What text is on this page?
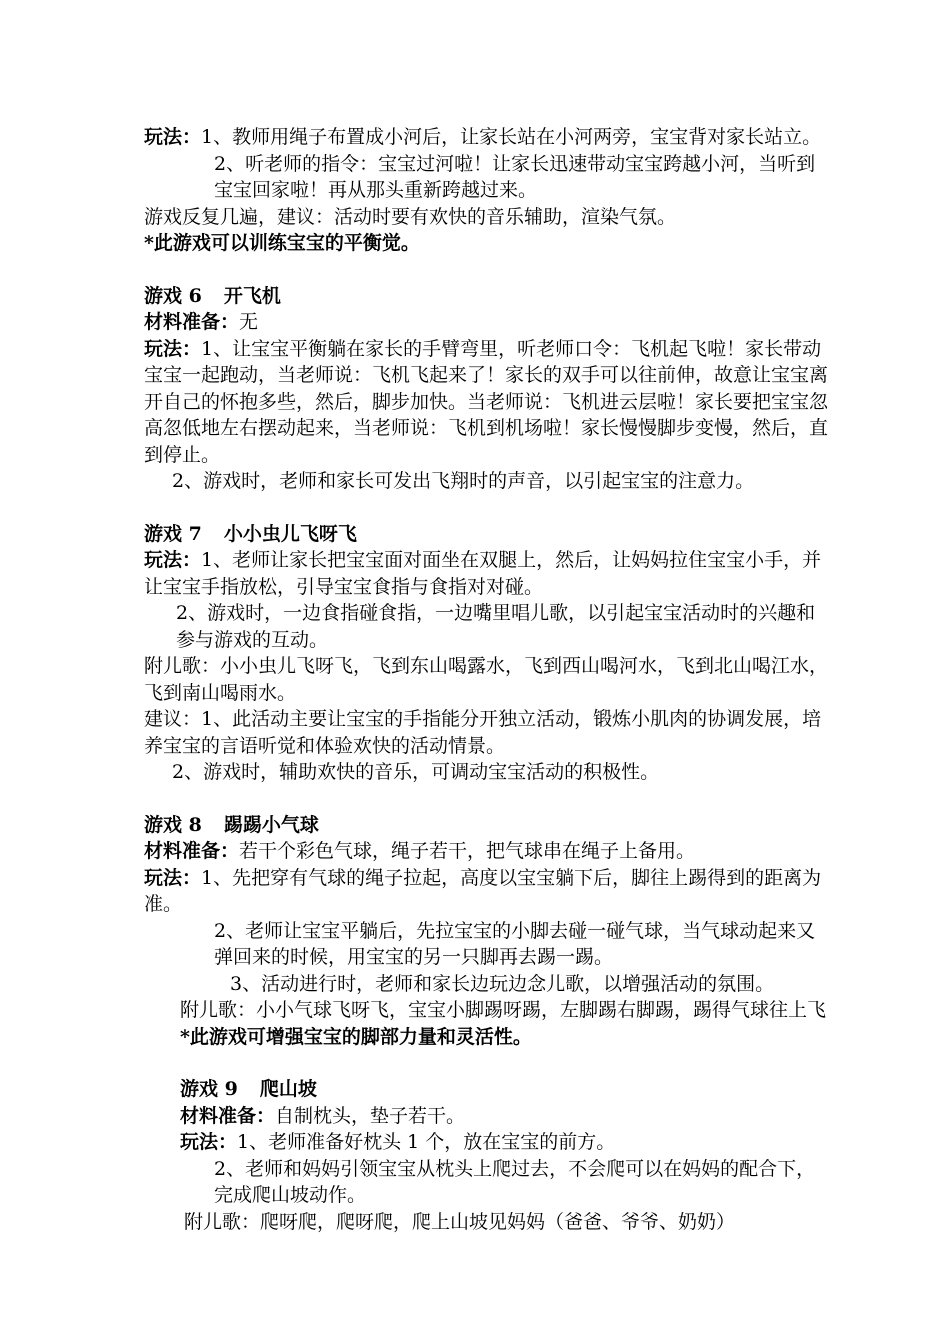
玩法：1、教师用绳子布置成小河后，让家长站在小河两旁，宝宝背对家长站立。

2、听老师的指令：宝宝过河啦！让家长迅速带动宝宝跨越小河，当听到宝宝回家啦！再从那头重新跨越过来。

游戏反复几遍，建议：活动时要有欢快的音乐辅助，渲染气氛。

*此游戏可以训练宝宝的平衡觉。

游戏 6 开飞机

材料准备：无

玩法：1、让宝宝平衡躺在家长的手臂弯里，听老师口令：飞机起飞啦！家长带动宝宝一起跑动，当老师说：飞机飞起来了！家长的双手可以往前伸，故意让宝宝离开自己的怀抱多些，然后，脚步加快。当老师说：飞机进云层啦！家长要把宝宝忽高忽低地左右摆动起来，当老师说：飞机到机场啦！家长慢慢脚步变慢，然后，直到停止。

2、游戏时，老师和家长可发出飞翔时的声音，以引起宝宝的注意力。

游戏 7 小小虫儿飞呀飞

玩法：1、老师让家长把宝宝面对面坐在双腿上，然后，让妈妈拉住宝宝小手，并让宝宝手指放松，引导宝宝食指与食指对对碰。

2、游戏时，一边食指碰食指，一边嘴里唱儿歌，以引起宝宝活动时的兴趣和参与游戏的互动。

附儿歌：小小虫儿飞呀飞，飞到东山喝露水，飞到西山喝河水，飞到北山喝江水，飞到南山喝雨水。

建议：1、此活动主要让宝宝的手指能分开独立活动，锻炼小肌肉的协调发展，培养宝宝的言语听觉和体验欢快的活动情景。

2、游戏时，辅助欢快的音乐，可调动宝宝活动的积极性。

游戏 8 踢踢小气球

材料准备：若干个彩色气球，绳子若干，把气球串在绳子上备用。

玩法：1、先把穿有气球的绳子拉起，高度以宝宝躺下后，脚往上踢得到的距离为准。

2、老师让宝宝平躺后，先拉宝宝的小脚去碰一碰气球，当气球动起来又弹回来的时候，用宝宝的另一只脚再去踢一踢。

3、活动进行时，老师和家长边玩边念儿歌，以增强活动的氛围。

附儿歌：小小气球飞呀飞，宝宝小脚踢呀踢，左脚踢右脚踢，踢得气球往上飞

*此游戏可增强宝宝的脚部力量和灵活性。

游戏 9 爬山坡

材料准备：自制枕头，垫子若干。

玩法：1、老师准备好枕头 1 个，放在宝宝的前方。

2、老师和妈妈引领宝宝从枕头上爬过去，不会爬可以在妈妈的配合下，完成爬山坡动作。

附儿歌：爬呀爬，爬呀爬，爬上山坡见妈妈（爸爸、爷爷、奶奶）
